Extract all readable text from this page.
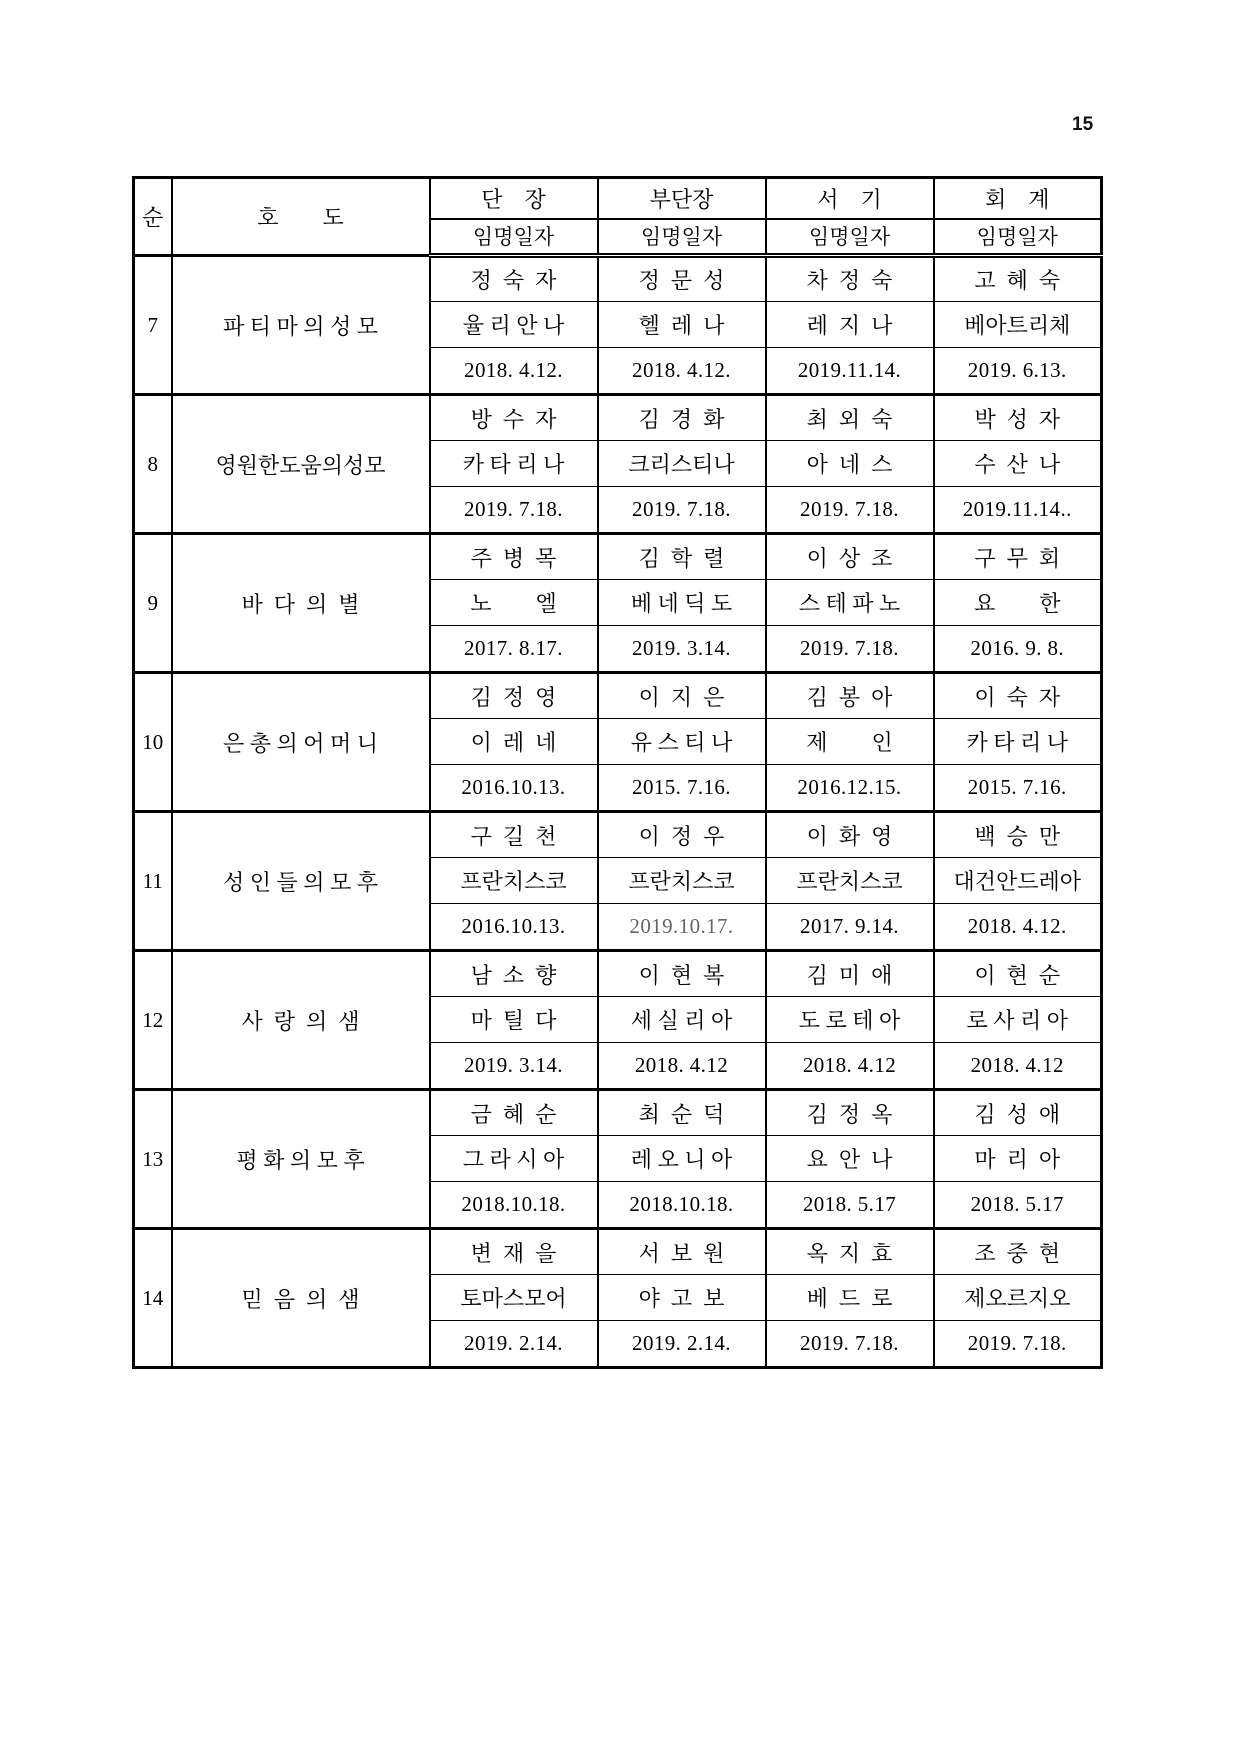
15
순	호        도	단    장	부단장	서    기	회    계
		임명일자	임명일자	임명일자	임명일자
7	파 티 마 의 성 모	정  숙  자	정  문  성	차  정  숙	고  혜  숙
		율 리 안 나	헬  레  나	레  지  나	베아트리체
		2018. 4.12.	2018. 4.12.	2019.11.14.	2019. 6.13.
8	영원한도움의성모	방  수  자	김  경  화	최  외  숙	박  성  자
		카 타 리 나	크리스티나	아  네  스	수  산  나
		2019. 7.18.	2019. 7.18.	2019. 7.18.	2019.11.14..
9	바  다  의  별	주  병  목	김  학  렬	이  상  조	구  무  회
		노        엘	베 네 딕 도	스 테 파 노	요        한
		2017. 8.17.	2019. 3.14.	2019. 7.18.	2016. 9. 8.
10	은 총 의 어 머 니	김  정  영	이  지  은	김  봉  아	이  숙  자
		이  레  네	유 스 티 나	제        인	카 타 리 나
		2016.10.13.	2015. 7.16.	2016.12.15.	2015. 7.16.
11	성 인 들 의 모 후	구  길  천	이  정  우	이  화  영	백  승  만
		프란치스코	프란치스코	프란치스코	대건안드레아
		2016.10.13.	2019.10.17.	2017. 9.14.	2018. 4.12.
12	사  랑  의  샘	남  소  향	이  현  복	김  미  애	이  현  순
		마  틸  다	세 실 리 아	도 로 테 아	로 사 리 아
		2019. 3.14.	2018. 4.12	2018. 4.12	2018. 4.12
13	평 화 의 모 후	금  혜  순	최  순  덕	김  정  옥	김  성  애
		그 라 시 아	레 오 니 아	요  안  나	마  리  아
		2018.10.18.	2018.10.18.	2018. 5.17	2018. 5.17
14	믿  음  의  샘	변  재  을	서  보  원	옥  지  효	조  중  현
		토마스모어	야  고  보	베  드  로	제오르지오
		2019. 2.14.	2019. 2.14.	2019. 7.18.	2019. 7.18.
